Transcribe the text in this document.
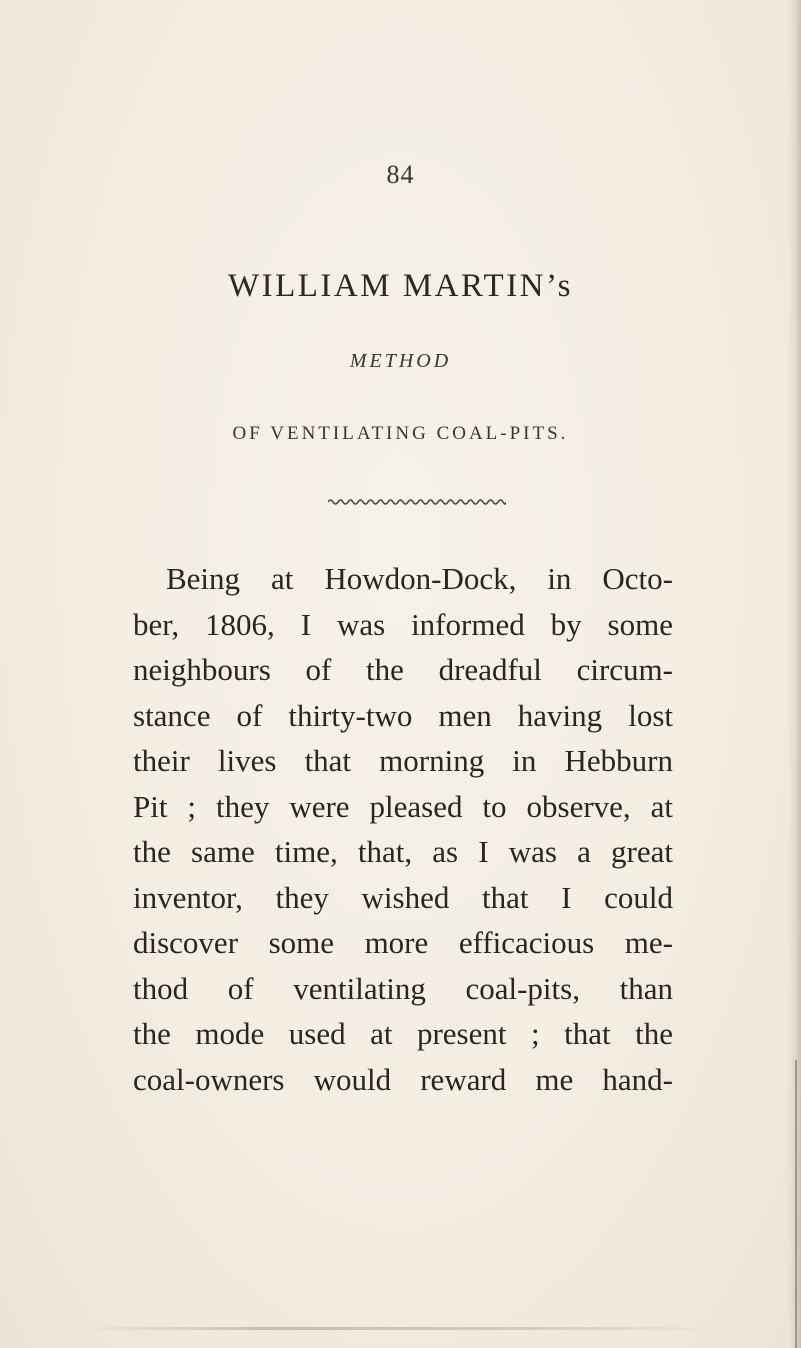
84
WILLIAM MARTIN’s
METHOD
OF VENTILATING COAL-PITS.
Being at Howdon-Dock, in Octo-
ber, 1806, I was informed by some
neighbours of the dreadful circum-
stance of thirty-two men having lost
their lives that morning in Hebburn
Pit ; they were pleased to observe, at
the same time, that, as I was a great
inventor, they wished that I could
discover some more efficacious me-
thod of ventilating coal-pits, than
the mode used at present ; that the
coal-owners would reward me hand-
